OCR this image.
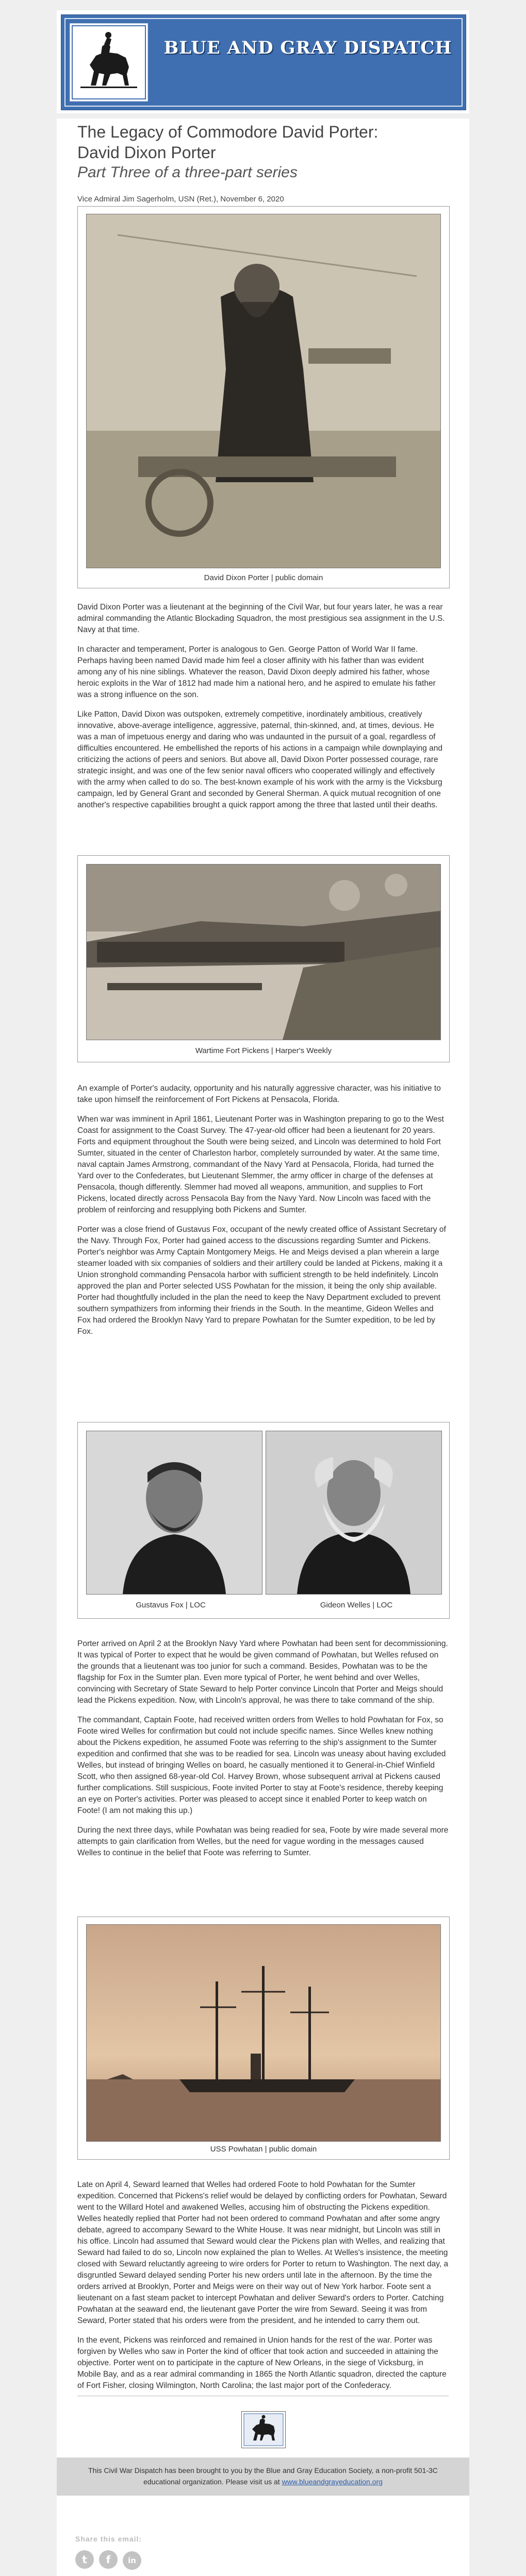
BLUE AND GRAY DISPATCH
The Legacy of Commodore David Porter:
David Dixon Porter
Part Three of a three-part series
Vice Admiral Jim Sagerholm, USN (Ret.), November 6, 2020
David Dixon Porter | public domain

David Dixon Porter was a lieutenant at the beginning of the Civil War, but four years later, he was a rear admiral commanding the Atlantic Blockading Squadron, the most prestigious sea assignment in the U.S. Navy at that time.

In character and temperament, Porter is analogous to Gen. George Patton of World War II fame. Perhaps having been named David made him feel a closer affinity with his father than was evident among any of his nine siblings. Whatever the reason, David Dixon deeply admired his father, whose heroic exploits in the War of 1812 had made him a national hero, and he aspired to emulate his father was a strong influence on the son.

Like Patton, David Dixon was outspoken, extremely competitive, inordinately ambitious, creatively innovative, above-average intelligence, aggressive, paternal, thin-skinned, and, at times, devious. He was a man of impetuous energy and daring who was undaunted in the pursuit of a goal, regardless of difficulties encountered. He embellished the reports of his actions in a campaign while downplaying and criticizing the actions of peers and seniors. But above all, David Dixon Porter possessed courage, rare strategic insight, and was one of the few senior naval officers who cooperated willingly and effectively with the army when called to do so. The best-known example of his work with the army is the Vicksburg campaign, led by General Grant and seconded by General Sherman. A quick mutual recognition of one another's respective capabilities brought a quick rapport among the three that lasted until their deaths.

Wartime Fort Pickens | Harper's Weekly

An example of Porter's audacity, opportunity and his naturally aggressive character, was his initiative to take upon himself the reinforcement of Fort Pickens at Pensacola, Florida.

When war was imminent in April 1861, Lieutenant Porter was in Washington preparing to go to the West Coast for assignment to the Coast Survey. The 47-year-old officer had been a lieutenant for 20 years. Forts and equipment throughout the South were being seized, and Lincoln was determined to hold Fort Sumter, situated in the center of Charleston harbor, completely surrounded by water. At the same time, naval captain James Armstrong, commandant of the Navy Yard at Pensacola, Florida, had turned the Yard over to the Confederates, but Lieutenant Slemmer, the army officer in charge of the defenses at Pensacola, though differently. Slemmer had moved all weapons, ammunition, and supplies to Fort Pickens, located directly across Pensacola Bay from the Navy Yard. Now Lincoln was faced with the problem of reinforcing and resupplying both Pickens and Sumter.

Porter was a close friend of Gustavus Fox, occupant of the newly created office of Assistant Secretary of the Navy. Through Fox, Porter had gained access to the discussions regarding Sumter and Pickens. Porter's neighbor was Army Captain Montgomery Meigs. He and Meigs devised a plan wherein a large steamer loaded with six companies of soldiers and their artillery could be landed at Pickens, making it a Union stronghold commanding Pensacola harbor with sufficient strength to be held indefinitely. Lincoln approved the plan and Porter selected USS Powhatan for the mission, it being the only ship available. Porter had thoughtfully included in the plan the need to keep the Navy Department excluded to prevent southern sympathizers from informing their friends in the South. In the meantime, Gideon Welles and Fox had ordered the Brooklyn Navy Yard to prepare Powhatan for the Sumter expedition, to be led by Fox.

Gustavus Fox | LOC	Gideon Welles | LOC

Porter arrived on April 2 at the Brooklyn Navy Yard where Powhatan had been sent for decommissioning. It was typical of Porter to expect that he would be given command of Powhatan, but Welles refused on the grounds that a lieutenant was too junior for such a command. Besides, Powhatan was to be the flagship for Fox in the Sumter plan. Even more typical of Porter, he went behind and over Welles, convincing with Secretary of State Seward to help Porter convince Lincoln that Porter and Meigs should lead the Pickens expedition. Now, with Lincoln's approval, he was there to take command of the ship.

The commandant, Captain Foote, had received written orders from Welles to hold Powhatan for Fox, so Foote wired Welles for confirmation but could not include specific names. Since Welles knew nothing about the Pickens expedition, he assumed Foote was referring to the ship's assignment to the Sumter expedition and confirmed that she was to be readied for sea. Lincoln was uneasy about having excluded Welles, but instead of bringing Welles on board, he casually mentioned it to General-in-Chief Winfield Scott, who then assigned 68-year-old Col. Harvey Brown, whose subsequent arrival at Pickens caused further complications. Still suspicious, Foote invited Porter to stay at Foote's residence, thereby keeping an eye on Porter's activities. Porter was pleased to accept since it enabled Porter to keep watch on Foote! (I am not making this up.)

During the next three days, while Powhatan was being readied for sea, Foote by wire made several more attempts to gain clarification from Welles, but the need for vague wording in the messages caused Welles to continue in the belief that Foote was referring to Sumter.

USS Powhatan | public domain

Late on April 4, Seward learned that Welles had ordered Foote to hold Powhatan for the Sumter expedition. Concerned that Pickens's relief would be delayed by conflicting orders for Powhatan, Seward went to the Willard Hotel and awakened Welles, accusing him of obstructing the Pickens expedition. Welles heatedly replied that Porter had not been ordered to command Powhatan and after some angry debate, agreed to accompany Seward to the White House. It was near midnight, but Lincoln was still in his office. Lincoln had assumed that Seward would clear the Pickens plan with Welles, and realizing that Seward had failed to do so, Lincoln now explained the plan to Welles. At Welles's insistence, the meeting closed with Seward reluctantly agreeing to wire orders for Porter to return to Washington. The next day, a disgruntled Seward delayed sending Porter his new orders until late in the afternoon. By the time the orders arrived at Brooklyn, Porter and Meigs were on their way out of New York harbor. Foote sent a lieutenant on a fast steam packet to intercept Powhatan and deliver Seward's orders to Porter. Catching Powhatan at the seaward end, the lieutenant gave Porter the wire from Seward. Seeing it was from Seward, Porter stated that his orders were from the president, and he intended to carry them out.

In the event, Pickens was reinforced and remained in Union hands for the rest of the war. Porter was forgiven by Welles who saw in Porter the kind of officer that took action and succeeded in attaining the objective. Porter went on to participate in the capture of New Orleans, in the siege of Vicksburg, in Mobile Bay, and as a rear admiral commanding in 1865 the North Atlantic squadron, directed the capture of Fort Fisher, closing Wilmington, North Carolina; the last major port of the Confederacy.

This Civil War Dispatch has been brought to you by the Blue and Gray Education Society, a non-profit 501-3C
educational organization. Please visit us at www.blueandgrayeducation.org
Share this email:
t f in
